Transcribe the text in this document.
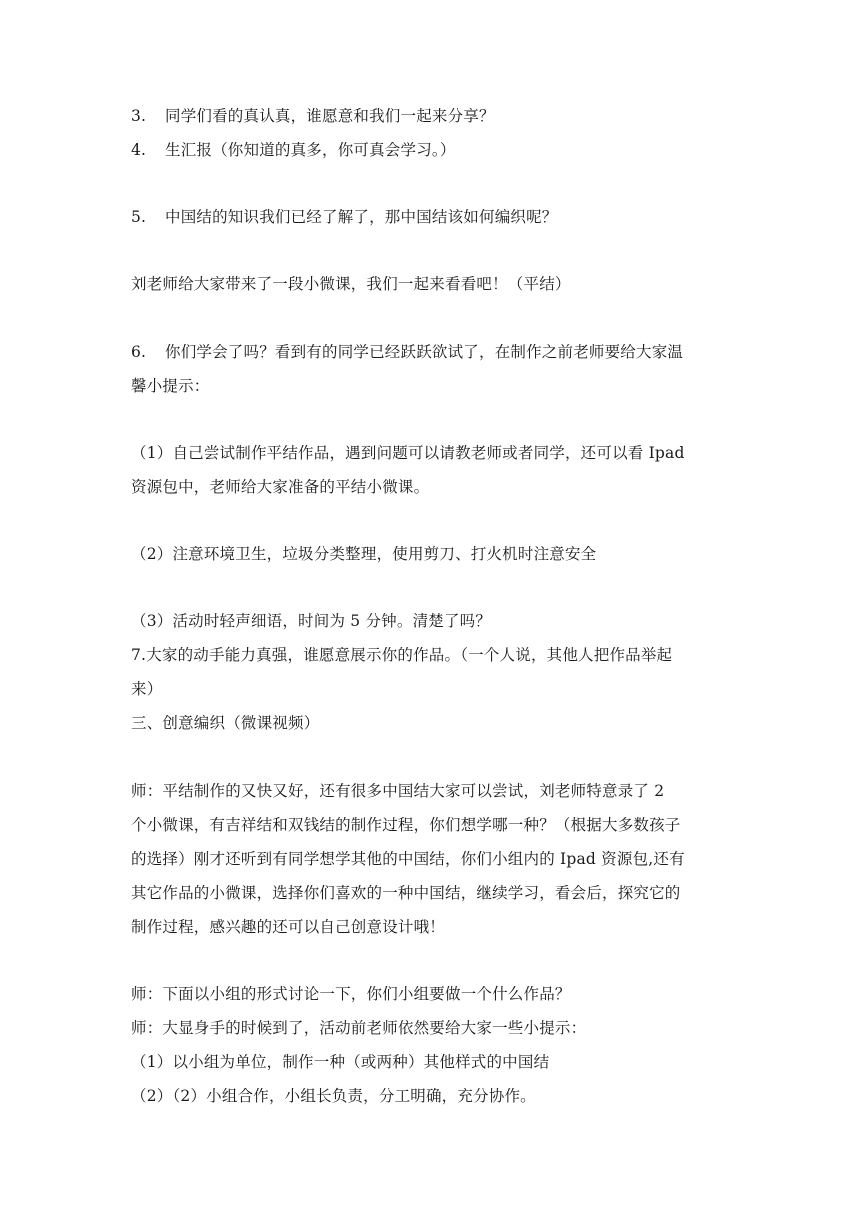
3. 同学们看的真认真，谁愿意和我们一起来分享？
4. 生汇报（你知道的真多，你可真会学习。）
5. 中国结的知识我们已经了解了，那中国结该如何编织呢？
刘老师给大家带来了一段小微课，我们一起来看看吧！（平结）
6. 你们学会了吗？看到有的同学已经跃跃欲试了，在制作之前老师要给大家温
馨小提示：
（1）自己尝试制作平结作品，遇到问题可以请教老师或者同学，还可以看 Ipad
资源包中，老师给大家准备的平结小微课。
（2）注意环境卫生，垃圾分类整理，使用剪刀、打火机时注意安全
（3）活动时轻声细语，时间为 5 分钟。清楚了吗？
7.大家的动手能力真强，谁愿意展示你的作品。（一个人说，其他人把作品举起
来）
三、创意编织（微课视频）
师：平结制作的又快又好，还有很多中国结大家可以尝试，刘老师特意录了 2
个小微课，有吉祥结和双钱结的制作过程，你们想学哪一种？（根据大多数孩子
的选择）刚才还听到有同学想学其他的中国结，你们小组内的 Ipad 资源包,还有
其它作品的小微课，选择你们喜欢的一种中国结，继续学习，看会后，探究它的
制作过程，感兴趣的还可以自己创意设计哦！
师：下面以小组的形式讨论一下，你们小组要做一个什么作品？
师：大显身手的时候到了，活动前老师依然要给大家一些小提示：
（1）以小组为单位，制作一种（或两种）其他样式的中国结
（2）（2）小组合作，小组长负责，分工明确，充分协作。
